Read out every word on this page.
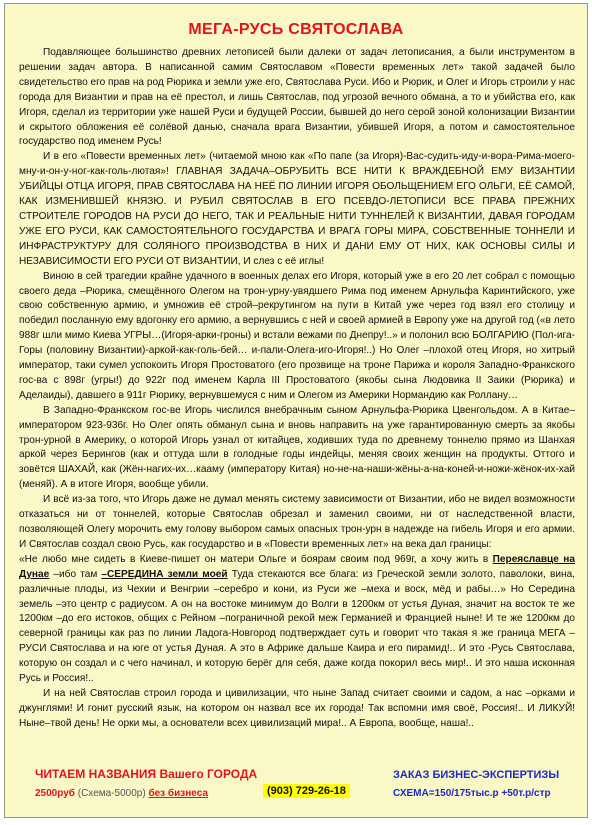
МЕГА-РУСЬ СВЯТОСЛАВА

Подавляющее большинство древних летописей были далеки от задач летописания, а были инструментом в решении задач автора. В написанной самим Святославом «Повести временных лет» такой задачей было свидетельство его прав на род Рюрика и земли уже его, Святослава Руси. Ибо и Рюрик, и Олег и Игорь строили у нас города для Византии и прав на её престол, и лишь Святослав, под угрозой вечного обмана, а то и убийства его, как Игоря, сделал из территории уже нашей Руси и будущей России, бывшей до него серой зоной колонизации Византии и скрытого обложения её солёвой данью, сначала врага Византии, убившей Игоря, а потом и самостоятельное государство под именем Русь!

И в его «Повести временных лет» (читаемой мною как «По папе (за Игоря)-Вас-судить-иду-и-вора-Рима-моего-мну-и-он-у-ног-как-голь-лютая»! ГЛАВНАЯ ЗАДАЧА–ОБРУБИТЬ ВСЕ НИТИ К ВРАЖДЕБНОЙ ЕМУ ВИЗАНТИИ УБИЙЦЫ ОТЦА ИГОРЯ, ПРАВ СВЯТОСЛАВА НА НЕЁ ПО ЛИНИИ ИГОРЯ ОБОЛЬЩЕНИЕМ ЕГО ОЛЬГИ, ЕЁ САМОЙ, КАК ИЗМЕНИВШЕЙ КНЯЗЮ. И РУБИЛ СВЯТОСЛАВ В ЕГО ПСЕВДО-ЛЕТОПИСИ ВСЕ ПРАВА ПРЕЖНИХ СТРОИТЕЛЕ ГОРОДОВ НА РУСИ ДО НЕГО, ТАК И РЕАЛЬНЫЕ НИТИ ТУННЕЛЕЙ К ВИЗАНТИИ, ДАВАЯ ГОРОДАМ УЖЕ ЕГО РУСИ, КАК САМОСТОЯТЕЛЬНОГО ГОСУДАРСТВА И ВРАГА ГОРЫ МИРА, СОБСТВЕННЫЕ ТОННЕЛИ И ИНФРАСТРУКТУРУ ДЛЯ СОЛЯНОГО ПРОИЗВОДСТВА В НИХ И ДАНИ ЕМУ ОТ НИХ, КАК ОСНОВЫ СИЛЫ И НЕЗАВИСИМОСТИ ЕГО РУСИ ОТ ВИЗАНТИИ, И слез с её иглы!

Виною в сей трагедии крайне удачного в военных делах его Игоря, который уже в его 20 лет собрал с помощью своего деда –Рюрика, смещённого Олегом на трон-урну-увядшего Рима под именем Арнульфа Каринтийского, уже свою собственную армию, и умножив её строй–рекрутингом на пути в Китай уже через год взял его столицу и победил посланную ему вдогонку его армию, а вернувшись с ней и своей армией в Европу уже на другой год («в лето 988г шли мимо Киева УГРЫ…(Игоря-арки-гроны) и встали вежами по Днепру!..» и полонил всю БОЛГАРИЮ (Пол-ига-Горы (половину Византии)-аркой-как-голь-бей… и-пали-Олега-иго-Игоря!..) Но Олег –плохой отец Игоря, но хитрый император, таки сумел успокоить Игоря Простоватого (его прозвище на троне Парижа и короля Западно-Франкского гос-ва с 898г (угры!) до 922г под именем Карла III Простоватого (якобы сына Людовика II Заики (Рюрика) и Аделаиды), давшего в 911г Рюрику, вернувшемуся с ним и Олегом из Америки Нормандию как Роллану…

В Западно-Франкском гос-ве Игорь числился внебрачным сыном Арнульфа-Рюрика Цвенгольдом. А в Китае–императором 923-936г. Но Олег опять обманул сына и вновь направить на уже гарантированную смерть за якобы трон-урной в Америку, о которой Игорь узнал от китайцев, ходивших туда по древнему тоннелю прямо из Шанхая аркой через Берингов (как и оттуда шли в голодные годы индейцы, меняя своих женщин на продукты. Оттого и зовётся ШАХАЙ, как (Жён-нагих-их…кааму (императору Китая) но-не-на-наши-жёны-а-на-коней-и-ножи-жёнок-их-хай (меняй). А в итоге Игоря, вообще убили.

И всё из-за того, что Игорь даже не думал менять систему зависимости от Византии, ибо не видел возможности отказаться ни от тоннелей, которые Святослав обрезал и заменил своими, ни от наследственной власти, позволяющей Олегу морочить ему голову выбором самых опасных трон-урн в надежде на гибель Игоря и его армии. И Святослав создал свою Русь, как государство и в «Повести временных лет» на века дал границы:

«Не любо мне сидеть в Киеве-пишет он матери Ольге и боярам своим под 969г, а хочу жить в Переяславце на Дунае –ибо там –СЕРЕДИНА земли моей Туда стекаются все блага: из Греческой земли золото, паволоки, вина, различные плоды, из Чехии и Венгрии –серебро и кони, из Руси же –меха и воск, мёд и рабы…» Но Середина земель –это центр с радиусом. А он на востоке минимум до Волги в 1200км от устья Дуная, значит на восток те же 1200км –до его истоков, общих с Рейном –пограничной рекой меж Германией и Францией ныне! И те же 1200км до северной границы как раз по линии Ладога-Новгород подтверждает суть и говорит что такая я же граница МЕГА –РУСИ Святослава и на юге от устья Дуная. А это в Африке дальше Каира и его пирамид!.. И это -Русь Святослава, которую он создал и с чего начинал, и которую берёг для себя, даже когда покорил весь мир!.. И это наша исконная Русь и Россия!..

И на ней Святослав строил города и цивилизации, что ныне Запад считает своими и садом, а нас –орками и джунглями! И гонит русский язык, на котором он назвал все их города! Так вспомни имя своё, Россия!.. И ЛИКУЙ! Ныне–твой день! Не орки мы, а основатели всех цивилизаций мира!.. А Европа, вообще, наша!..

ЧИТАЕМ НАЗВАНИЯ Вашего ГОРОДА	ЗАКАЗ БИЗНЕС-ЭКСПЕРТИЗЫ
2500руб (Схема-5000р) без бизнеса	(903) 729-26-18	СХЕМА=150/175тыс.р +50т.р/стр
